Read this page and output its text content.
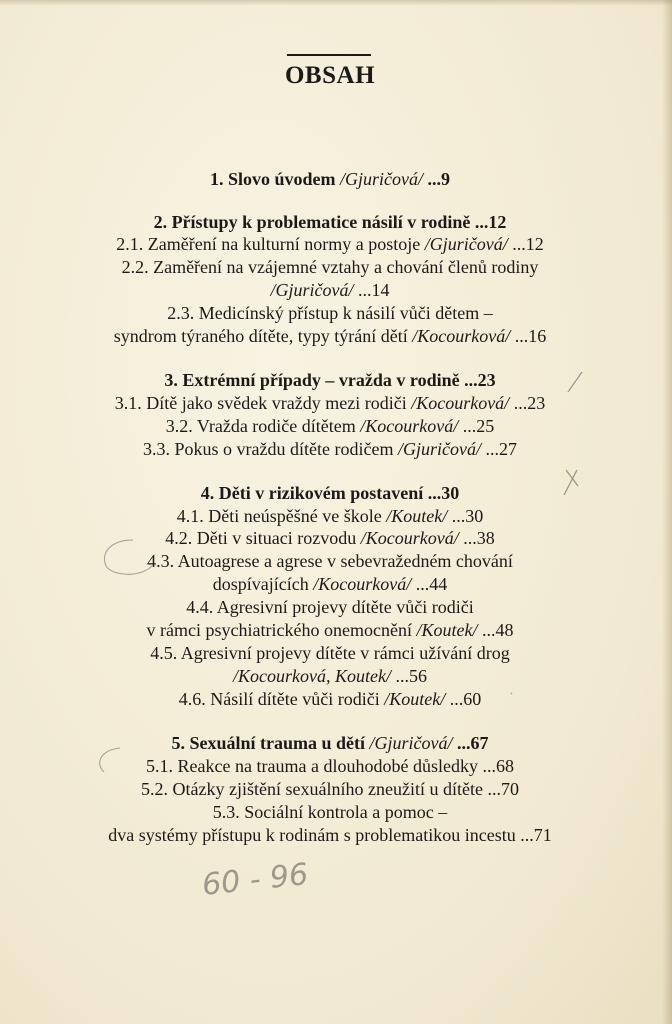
OBSAH
1. Slovo úvodem /Gjuričová/ ...9
2. Přístupy k problematice násilí v rodině ...12
2.1. Zaměření na kulturní normy a postoje /Gjuričová/ ...12
2.2. Zaměření na vzájemné vztahy a chování členů rodiny
/Gjuričová/ ...14
2.3. Medicínský přístup k násilí vůči dětem –
syndrom týraného dítěte, typy týrání dětí /Kocourková/ ...16
3. Extrémní případy – vražda v rodině ...23
3.1. Dítě jako svědek vraždy mezi rodiči /Kocourková/ ...23
3.2. Vražda rodiče dítětem /Kocourková/ ...25
3.3. Pokus o vraždu dítěte rodičem /Gjuričová/ ...27
4. Děti v rizikovém postavení ...30
4.1. Děti neúspěšné ve škole /Koutek/ ...30
4.2. Děti v situaci rozvodu /Kocourková/ ...38
4.3. Autoagrese a agrese v sebevražedném chování
dospívajících /Kocourková/ ...44
4.4. Agresivní projevy dítěte vůči rodiči
v rámci psychiatrického onemocnění /Koutek/ ...48
4.5. Agresivní projevy dítěte v rámci užívání drog
/Kocourková, Koutek/ ...56
4.6. Násilí dítěte vůči rodiči /Koutek/ ...60
5. Sexuální trauma u dětí /Gjuričová/ ...67
5.1. Reakce na trauma a dlouhodobé důsledky ...68
5.2. Otázky zjištění sexuálního zneužití u dítěte ...70
5.3. Sociální kontrola a pomoc –
dva systémy přístupu k rodinám s problematikou incestu ...71
60 - 96
